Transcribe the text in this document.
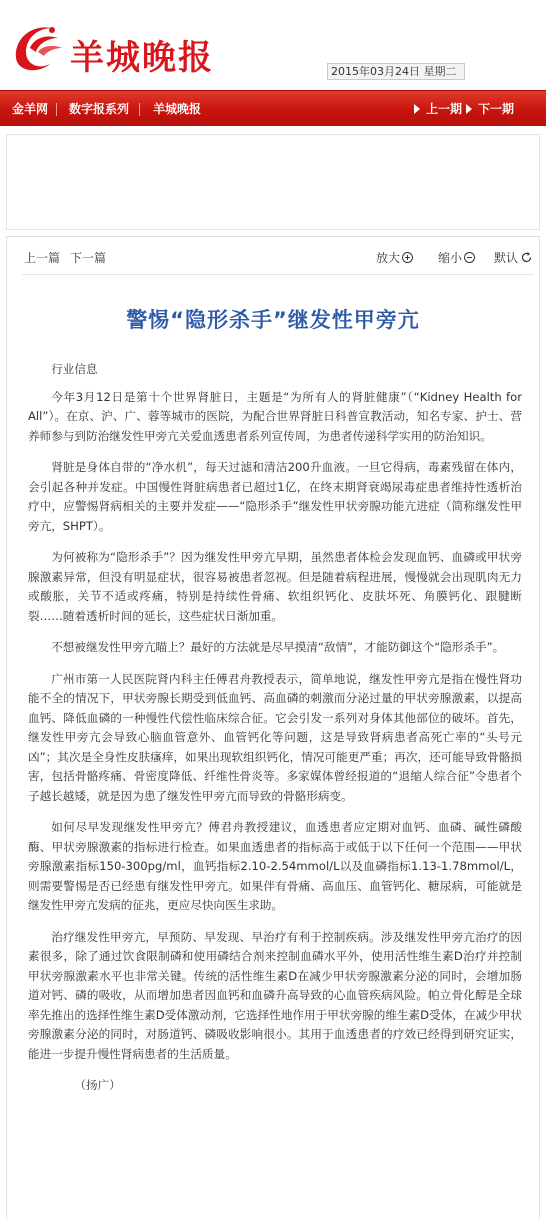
羊城晚报	2015年03月24日 星期二
金羊网 数字报系列 羊城晚报	上一期 下一期
上一篇 下一篇	放大	缩小	默认
警惕“隐形杀手”继发性甲旁亢

行业信息

今年3月12日是第十个世界肾脏日，主题是“为所有人的肾脏健康”（“Kidney Health for All”）。在京、沪、广、蓉等城市的医院，为配合世界肾脏日科普宣教活动，知名专家、护士、营养师参与到防治继发性甲旁亢关爱血透患者系列宣传周，为患者传递科学实用的防治知识。

肾脏是身体自带的“净水机”，每天过滤和清洁200升血液。一旦它得病，毒素残留在体内，会引起各种并发症。中国慢性肾脏病患者已超过1亿，在终末期肾衰竭尿毒症患者维持性透析治疗中，应警惕肾病相关的主要并发症——“隐形杀手”继发性甲状旁腺功能亢进症（简称继发性甲旁亢，SHPT）。

为何被称为“隐形杀手”？因为继发性甲旁亢早期，虽然患者体检会发现血钙、血磷或甲状旁腺激素异常，但没有明显症状，很容易被患者忽视。但是随着病程进展，慢慢就会出现肌肉无力或酸胀，关节不适或疼痛，特别是持续性骨痛、软组织钙化、皮肤坏死、角膜钙化、跟腱断裂……随着透析时间的延长，这些症状日渐加重。

不想被继发性甲旁亢瞄上？最好的方法就是尽早摸清“敌情”，才能防御这个“隐形杀手”。

广州市第一人民医院肾内科主任傅君舟教授表示，简单地说，继发性甲旁亢是指在慢性肾功能不全的情况下，甲状旁腺长期受到低血钙、高血磷的刺激而分泌过量的甲状旁腺激素，以提高血钙、降低血磷的一种慢性代偿性临床综合征。它会引发一系列对身体其他部位的破坏。首先，继发性甲旁亢会导致心脑血管意外、血管钙化等问题，这是导致肾病患者高死亡率的“头号元凶”；其次是全身性皮肤瘙痒，如果出现软组织钙化，情况可能更严重；再次，还可能导致骨骼损害，包括骨骼疼痛、骨密度降低、纤维性骨炎等。多家媒体曾经报道的“退缩人综合征”令患者个子越长越矮，就是因为患了继发性甲旁亢而导致的骨骼形病变。

如何尽早发现继发性甲旁亢？傅君舟教授建议，血透患者应定期对血钙、血磷、碱性磷酸酶、甲状旁腺激素的指标进行检查。如果血透患者的指标高于或低于以下任何一个范围——甲状旁腺激素指标150-300pg/ml，血钙指标2.10-2.54mmol/L以及血磷指标1.13-1.78mmol/L，则需要警惕是否已经患有继发性甲旁亢。如果伴有骨痛、高血压、血管钙化、糖尿病，可能就是继发性甲旁亢发病的征兆，更应尽快向医生求助。

治疗继发性甲旁亢，早预防、早发现、早治疗有利于控制疾病。涉及继发性甲旁亢治疗的因素很多，除了通过饮食限制磷和使用磷结合剂来控制血磷水平外，使用活性维生素D治疗并控制甲状旁腺激素水平也非常关键。传统的活性维生素D在减少甲状旁腺激素分泌的同时，会增加肠道对钙、磷的吸收，从而增加患者因血钙和血磷升高导致的心血管疾病风险。帕立骨化醇是全球率先推出的选择性维生素D受体激动剂，它选择性地作用于甲状旁腺的维生素D受体，在减少甲状旁腺激素分泌的同时，对肠道钙、磷吸收影响很小。其用于血透患者的疗效已经得到研究证实，能进一步提升慢性肾病患者的生活质量。

（扬广）
